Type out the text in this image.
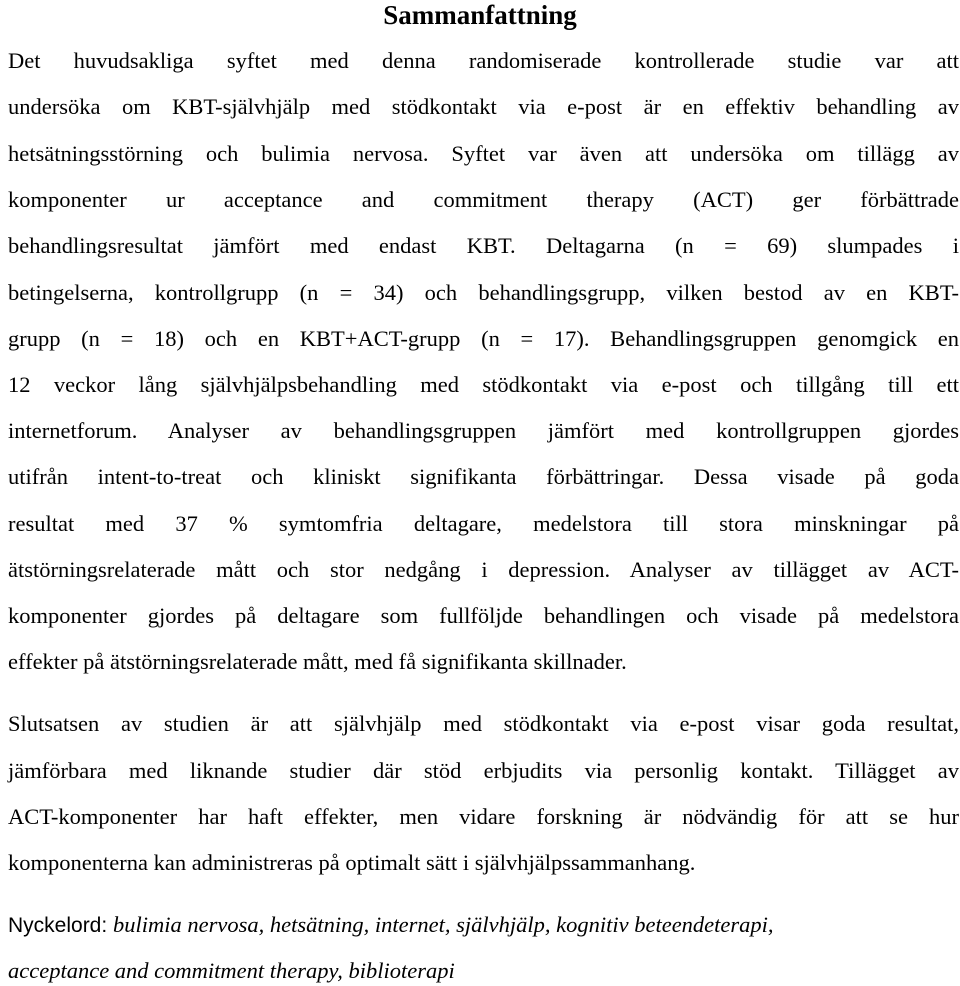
Sammanfattning
Det huvudsakliga syftet med denna randomiserade kontrollerade studie var att
undersöka om KBT-självhjälp med stödkontakt via e-post är en effektiv behandling av
hetsätningsstörning och bulimia nervosa. Syftet var även att undersöka om tillägg av
komponenter ur acceptance and commitment therapy (ACT) ger förbättrade
behandlingsresultat jämfört med endast KBT. Deltagarna (n = 69) slumpades i
betingelserna, kontrollgrupp (n = 34) och behandlingsgrupp, vilken bestod av en KBT-
grupp (n = 18) och en KBT+ACT-grupp (n = 17). Behandlingsgruppen genomgick en
12 veckor lång självhjälpsbehandling med stödkontakt via e-post och tillgång till ett
internetforum. Analyser av behandlingsgruppen jämfört med kontrollgruppen gjordes
utifrån intent-to-treat och kliniskt signifikanta förbättringar. Dessa visade på goda
resultat med 37 % symtomfria deltagare, medelstora till stora minskningar på
ätstörningsrelaterade mått och stor nedgång i depression. Analyser av tillägget av ACT-
komponenter gjordes på deltagare som fullföljde behandlingen och visade på medelstora
effekter på ätstörningsrelaterade mått, med få signifikanta skillnader.
Slutsatsen av studien är att självhjälp med stödkontakt via e-post visar goda resultat,
jämförbara med liknande studier där stöd erbjudits via personlig kontakt. Tillägget av
ACT-komponenter har haft effekter, men vidare forskning är nödvändig för att se hur
komponenterna kan administreras på optimalt sätt i självhjälpssammanhang.
Nyckelord: bulimia nervosa, hetsätning, internet, självhjälp, kognitiv beteendeterapi,
acceptance and commitment therapy, biblioterapi
